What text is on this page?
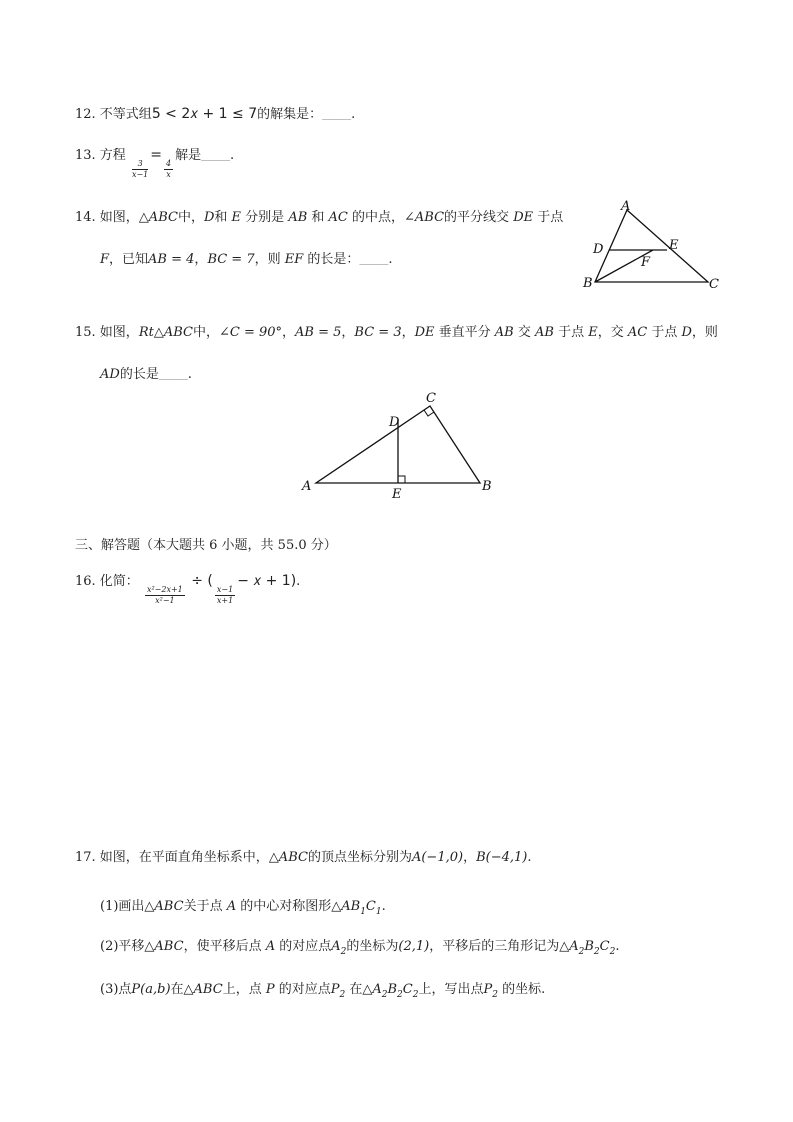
12. 不等式组5 < 2𝑥 + 1 ≤ 7的解集是：______.
13. 方程
$\frac{3}{x-1}$
=
$\frac{4}{x}$
解是______.
14. 如图，△ABC中，D和 E 分别是 AB 和 AC 的中点，∠ABC的平分线交 DE 于点
F，已知AB = 4，BC = 7，则 EF 的长是：______.
A
B	C
D	E
F
15. 如图，Rt△ABC中，∠C = 90°，AB = 5，BC = 3，DE 垂直平分 AB 交 AB 于点 E，交 AC 于点 D，则
AD的长是______.
A	B
C
D
E
三、解答题（本大题共 6 小题，共 55.0 分）
16. 化简：
$\frac{\text{x²−2x+1}}{\text{x²−1}}$
÷ (
$\frac{x-1}{x+1}$
− 𝑥 + 1).
17. 如图，在平面直角坐标系中，△ABC的顶点坐标分别为A(−1,0)，B(−4,1).
(1)画出△ABC关于点 A 的中心对称图形$\triangle AB_1C_1$.
(2)平移△ABC，使平移后点 A 的对应点$A_2$的坐标为(2,1)，平移后的三角形记为$\triangle A_2B_2C_2$.
(3)点P(a,b)在△ABC上，点 P 的对应点$P_2$ 在$\triangle A_2B_2C_2$上，写出点$P_2$ 的坐标.
